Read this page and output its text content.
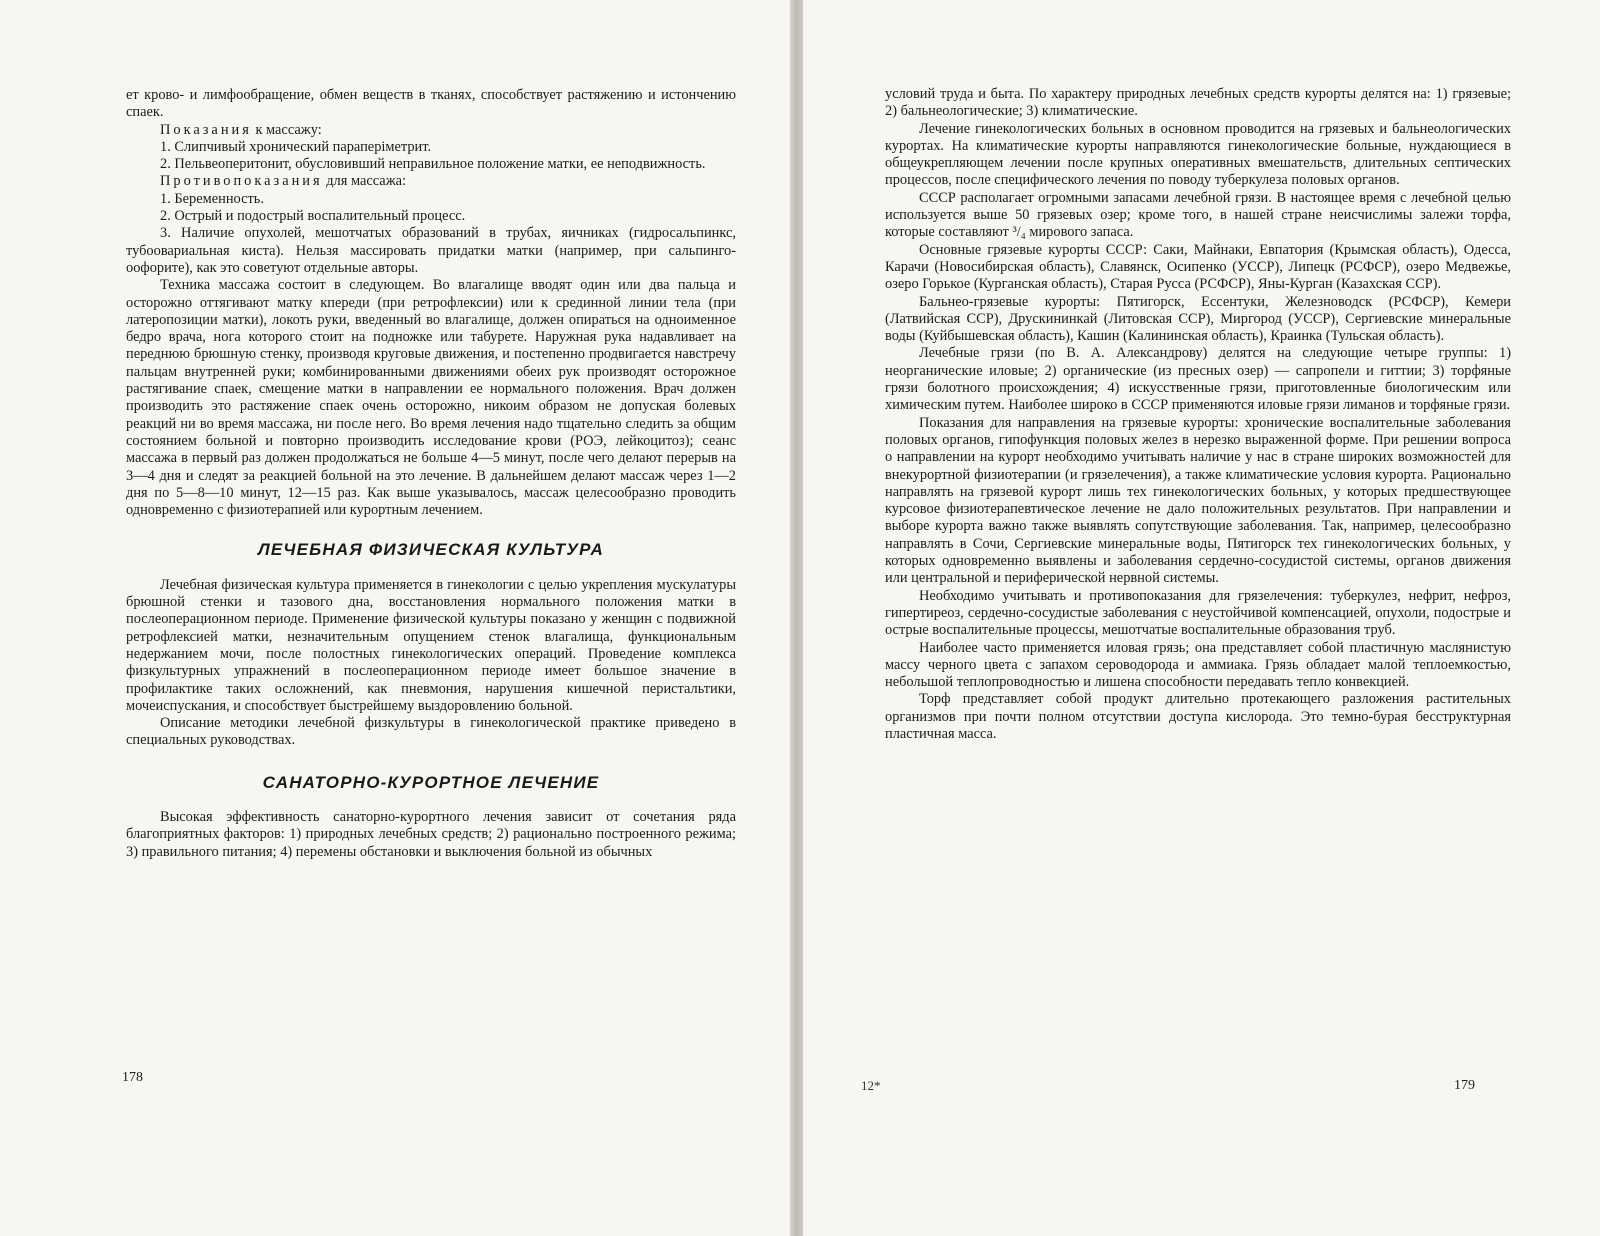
ет крово- и лимфообращение, обмен веществ в тканях, способствует растяжению и истончению спаек.

Показания к массажу:

1. Слипчивый хронический параперіметрит.

2. Пельвеоперитонит, обусловивший неправильное положение матки, ее неподвижность.

Противопоказания для массажа:

1. Беременность.

2. Острый и подострый воспалительный процесс.

3. Наличие опухолей, мешотчатых образований в трубах, яичниках (гидросальпинкс, тубоовариальная киста). Нельзя массировать придатки матки (например, при сальпинго-оофорите), как это советуют отдельные авторы.

Техника массажа состоит в следующем. Во влагалище вводят один или два пальца и осторожно оттягивают матку кпереди (при ретрофлексии) или к срединной линии тела (при латеропозиции матки), локоть руки, введенный во влагалище, должен опираться на одноименное бедро врача, нога которого стоит на подножке или табурете. Наружная рука надавливает на переднюю брюшную стенку, производя круговые движения, и постепенно продвигается навстречу пальцам внутренней руки; комбинированными движениями обеих рук производят осторожное растягивание спаек, смещение матки в направлении ее нормального положения. Врач должен производить это растяжение спаек очень осторожно, никоим образом не допуская болевых реакций ни во время массажа, ни после него. Во время лечения надо тщательно следить за общим состоянием больной и повторно производить исследование крови (РОЭ, лейкоцитоз); сеанс массажа в первый раз должен продолжаться не больше 4—5 минут, после чего делают перерыв на 3—4 дня и следят за реакцией больной на это лечение. В дальнейшем делают массаж через 1—2 дня по 5—8—10 минут, 12—15 раз. Как выше указывалось, массаж целесообразно проводить одновременно с физиотерапией или курортным лечением.

ЛЕЧЕБНАЯ ФИЗИЧЕСКАЯ КУЛЬТУРА

Лечебная физическая культура применяется в гинекологии с целью укрепления мускулатуры брюшной стенки и тазового дна, восстановления нормального положения матки в послеоперационном периоде. Применение физической культуры показано у женщин с подвижной ретрофлексией матки, незначительным опущением стенок влагалища, функциональным недержанием мочи, после полостных гинекологических операций. Проведение комплекса физкультурных упражнений в послеоперационном периоде имеет большое значение в профилактике таких осложнений, как пневмония, нарушения кишечной перистальтики, мочеиспускания, и способствует быстрейшему выздоровлению больной.

Описание методики лечебной физкультуры в гинекологической практике приведено в специальных руководствах.

САНАТОРНО-КУРОРТНОЕ ЛЕЧЕНИЕ

Высокая эффективность санаторно-курортного лечения зависит от сочетания ряда благоприятных факторов: 1) природных лечебных средств; 2) рационально построенного режима; 3) правильного питания; 4) перемены обстановки и выключения больной из обычных

178

условий труда и быта. По характеру природных лечебных средств курорты делятся на: 1) грязевые; 2) бальнеологические; 3) климатические.

Лечение гинекологических больных в основном проводится на грязевых и бальнеологических курортах. На климатические курорты направляются гинекологические больные, нуждающиеся в общеукрепляющем лечении после крупных оперативных вмешательств, длительных септических процессов, после специфического лечения по поводу туберкулеза половых органов.

СССР располагает огромными запасами лечебной грязи. В настоящее время с лечебной целью используется выше 50 грязевых озер; кроме того, в нашей стране неисчислимы залежи торфа, которые составляют ³/₄ мирового запаса.

Основные грязевые курорты СССР: Саки, Майнаки, Евпатория (Крымская область), Одесса, Карачи (Новосибирская область), Славянск, Осипенко (УССР), Липецк (РСФСР), озеро Медвежье, озеро Горькое (Курганская область), Старая Русса (РСФСР), Яны-Курган (Казахская ССР).

Бальнео-грязевые курорты: Пятигорск, Ессентуки, Железноводск (РСФСР), Кемери (Латвийская ССР), Друскининкай (Литовская ССР), Миргород (УССР), Сергиевские минеральные воды (Куйбышевская область), Кашин (Калининская область), Краинка (Тульская область).

Лечебные грязи (по В. А. Александрову) делятся на следующие четыре группы: 1) неорганические иловые; 2) органические (из пресных озер) — сапропели и гиттии; 3) торфяные грязи болотного происхождения; 4) искусственные грязи, приготовленные биологическим или химическим путем. Наиболее широко в СССР применяются иловые грязи лиманов и торфяные грязи.

Показания для направления на грязевые курорты: хронические воспалительные заболевания половых органов, гипофункция половых желез в нерезко выраженной форме. При решении вопроса о направлении на курорт необходимо учитывать наличие у нас в стране широких возможностей для внекурортной физиотерапии (и грязелечения), а также климатические условия курорта. Рационально направлять на грязевой курорт лишь тех гинекологических больных, у которых предшествующее курсовое физиотерапевтическое лечение не дало положительных результатов. При направлении и выборе курорта важно также выявлять сопутствующие заболевания. Так, например, целесообразно направлять в Сочи, Сергиевские минеральные воды, Пятигорск тех гинекологических больных, у которых одновременно выявлены и заболевания сердечно-сосудистой системы, органов движения или центральной и периферической нервной системы.

Необходимо учитывать и противопоказания для грязелечения: туберкулез, нефрит, нефроз, гипертиреоз, сердечно-сосудистые заболевания с неустойчивой компенсацией, опухоли, подострые и острые воспалительные процессы, мешотчатые воспалительные образования труб.

Наиболее часто применяется иловая грязь; она представляет собой пластичную маслянистую массу черного цвета с запахом сероводорода и аммиака. Грязь обладает малой теплоемкостью, небольшой теплопроводностью и лишена способности передавать тепло конвекцией.

Торф представляет собой продукт длительно протекающего разложения растительных организмов при почти полном отсутствии доступа кислорода. Это темно-бурая бесструктурная пластичная масса.

12*	179
